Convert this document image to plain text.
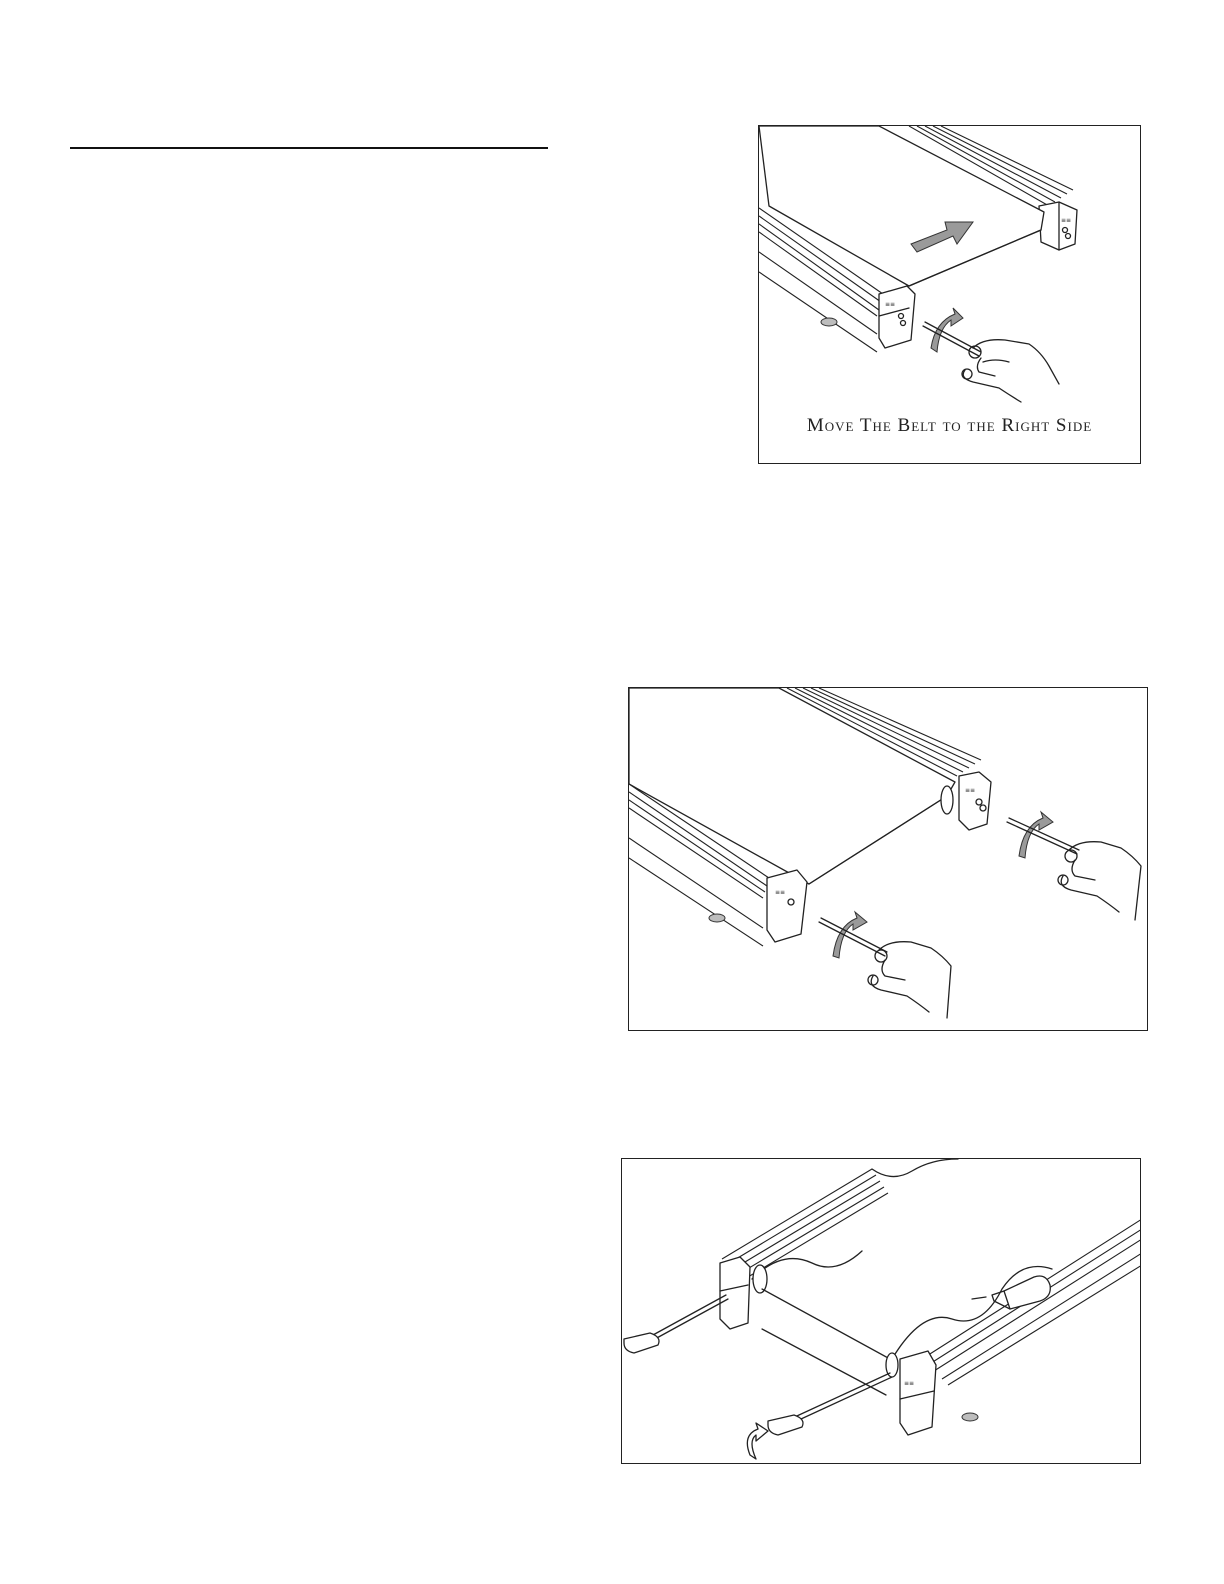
≡≡
≡≡
Move The Belt to the Right Side
≡≡
≡≡
≡≡
